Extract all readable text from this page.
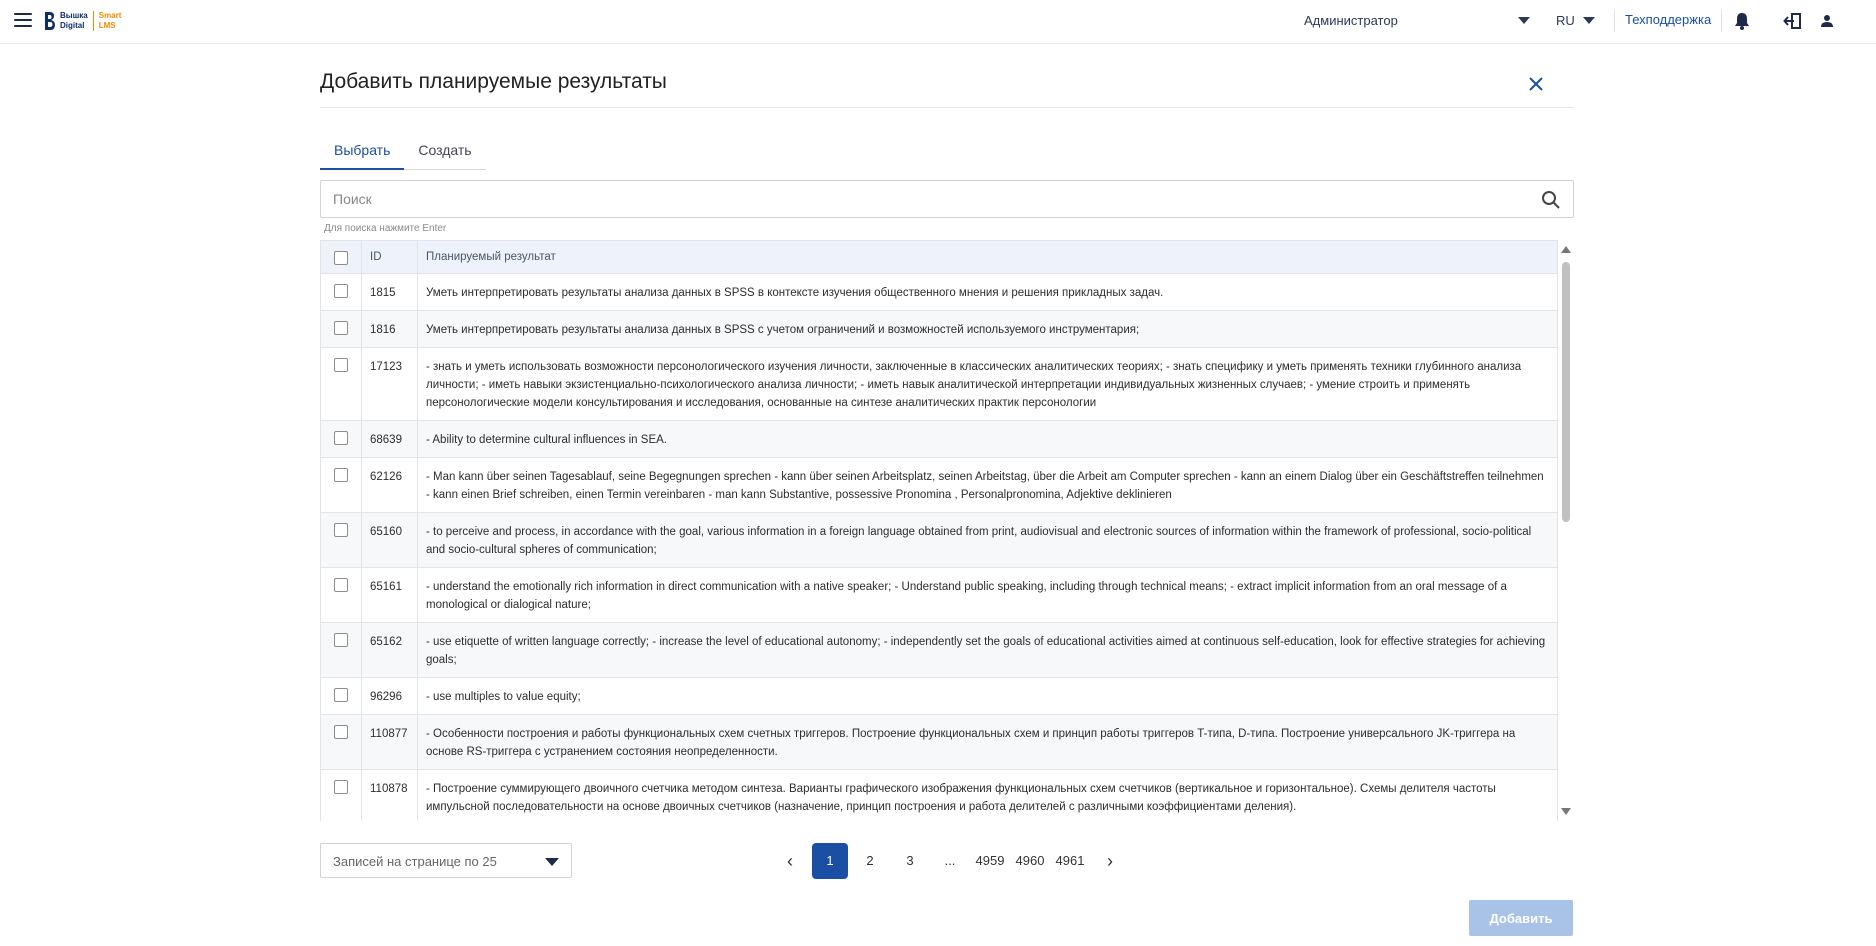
Вышка
Digital
Smart
LMS	Администратор	RU	Техподдержка
Добавить планируемые результаты
Выбрать	Создать
Поиск
Для поиска нажмите Enter
	ID	Планируемый результат
	1815	Уметь интерпретировать результаты анализа данных в SPSS в контексте изучения общественного мнения и решения прикладных задач.
	1816	Уметь интерпретировать результаты анализа данных в SPSS с учетом ограничений и возможностей используемого инструментария;
	17123	- знать и уметь использовать возможности персонологического изучения личности, заключенные в классических аналитических теориях; - знать специфику и уметь применять техники глубинного анализа личности; - иметь навыки экзистенциально-психологического анализа личности; - иметь навык аналитической интерпретации индивидуальных жизненных случаев; - умение строить и применять персонологические модели консультирования и исследования, основанные на синтезе аналитических практик персонологии
	68639	- Ability to determine cultural influences in SEA.
	62126	- Man kann über seinen Tagesablauf, seine Begegnungen sprechen - kann über seinen Arbeitsplatz, seinen Arbeitstag, über die Arbeit am Computer sprechen - kann an einem Dialog über ein Geschäftstreffen teilnehmen - kann einen Brief schreiben, einen Termin vereinbaren - man kann Substantive, possessive Pronomina , Personalpronomina, Adjektive deklinieren
	65160	- to perceive and process, in accordance with the goal, various information in a foreign language obtained from print, audiovisual and electronic sources of information within the framework of professional, socio-political and socio-cultural spheres of communication;
	65161	- understand the emotionally rich information in direct communication with a native speaker; - Understand public speaking, including through technical means; - extract implicit information from an oral message of a monological or dialogical nature;
	65162	- use etiquette of written language correctly; - increase the level of educational autonomy; - independently set the goals of educational activities aimed at continuous self-education, look for effective strategies for achieving goals;
	96296	- use multiples to value equity;
	110877	- Особенности построения и работы функциональных схем счетных триггеров. Построение функциональных схем и принцип работы триггеров T-типа, D-типа. Построение универсального JK-триггера на основе RS-триггера с устранением состояния неопределенности.
	110878	- Построение суммирующего двоичного счетчика методом синтеза. Варианты графического изображения функциональных схем счетчиков (вертикальное и горизонтальное). Схемы делителя частоты импульсной последовательности на основе двоичных счетчиков (назначение, принцип построения и работа делителей с различными коэффициентами деления).

Записей на странице по 25	‹	1	2	3	...	4959 4960 4961	›
Добавить
